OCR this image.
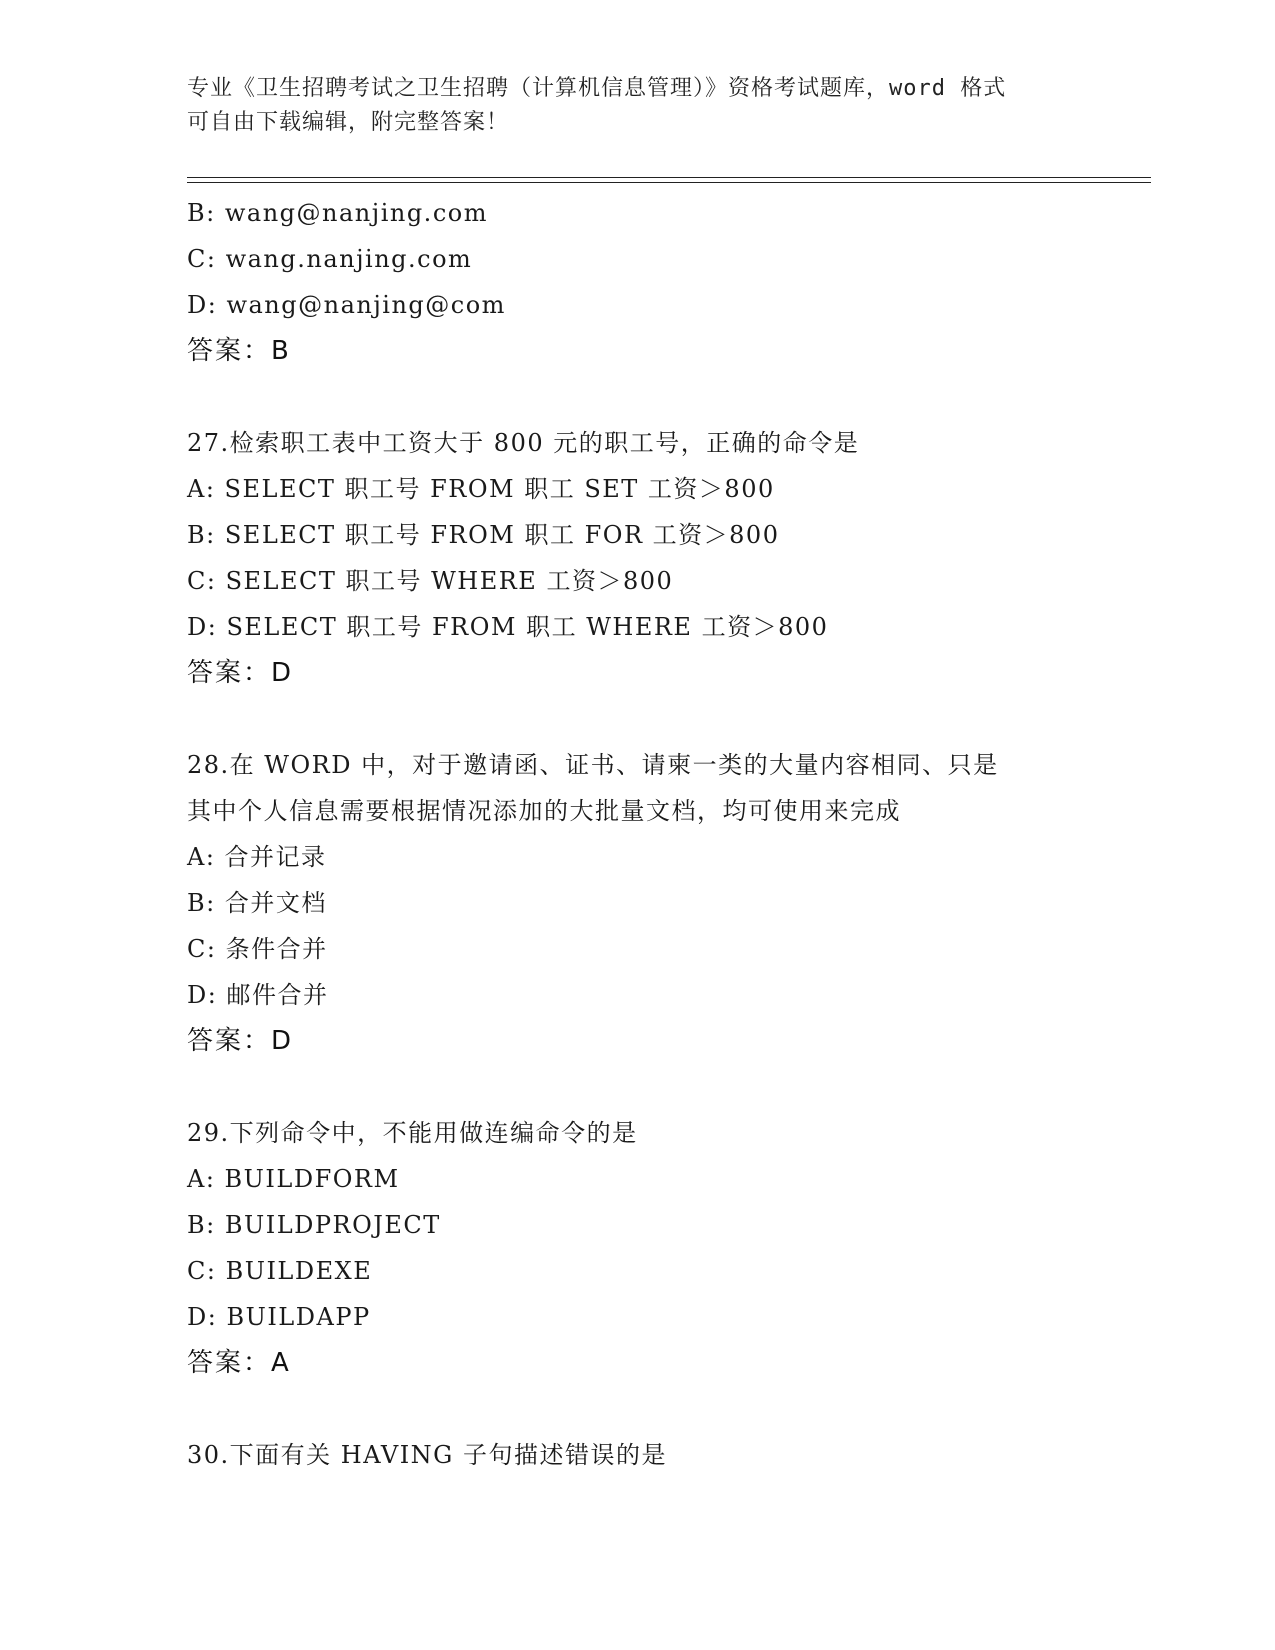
专业《卫生招聘考试之卫生招聘（计算机信息管理）》资格考试题库，word 格式
可自由下载编辑，附完整答案！
B: wang@nanjing.com
C: wang.nanjing.com
D: wang@nanjing@com
答案：B
27.检索职工表中工资大于 800 元的职工号，正确的命令是
A: SELECT 职工号 FROM 职工 SET 工资＞800
B: SELECT 职工号 FROM 职工 FOR 工资＞800
C: SELECT 职工号 WHERE 工资＞800
D: SELECT 职工号 FROM 职工 WHERE 工资＞800
答案：D
28.在 WORD 中，对于邀请函、证书、请柬一类的大量内容相同、只是
其中个人信息需要根据情况添加的大批量文档，均可使用来完成
A: 合并记录
B: 合并文档
C: 条件合并
D: 邮件合并
答案：D
29.下列命令中，不能用做连编命令的是
A: BUILDFORM
B: BUILDPROJECT
C: BUILDEXE
D: BUILDAPP
答案：A
30.下面有关 HAVING 子句描述错误的是
